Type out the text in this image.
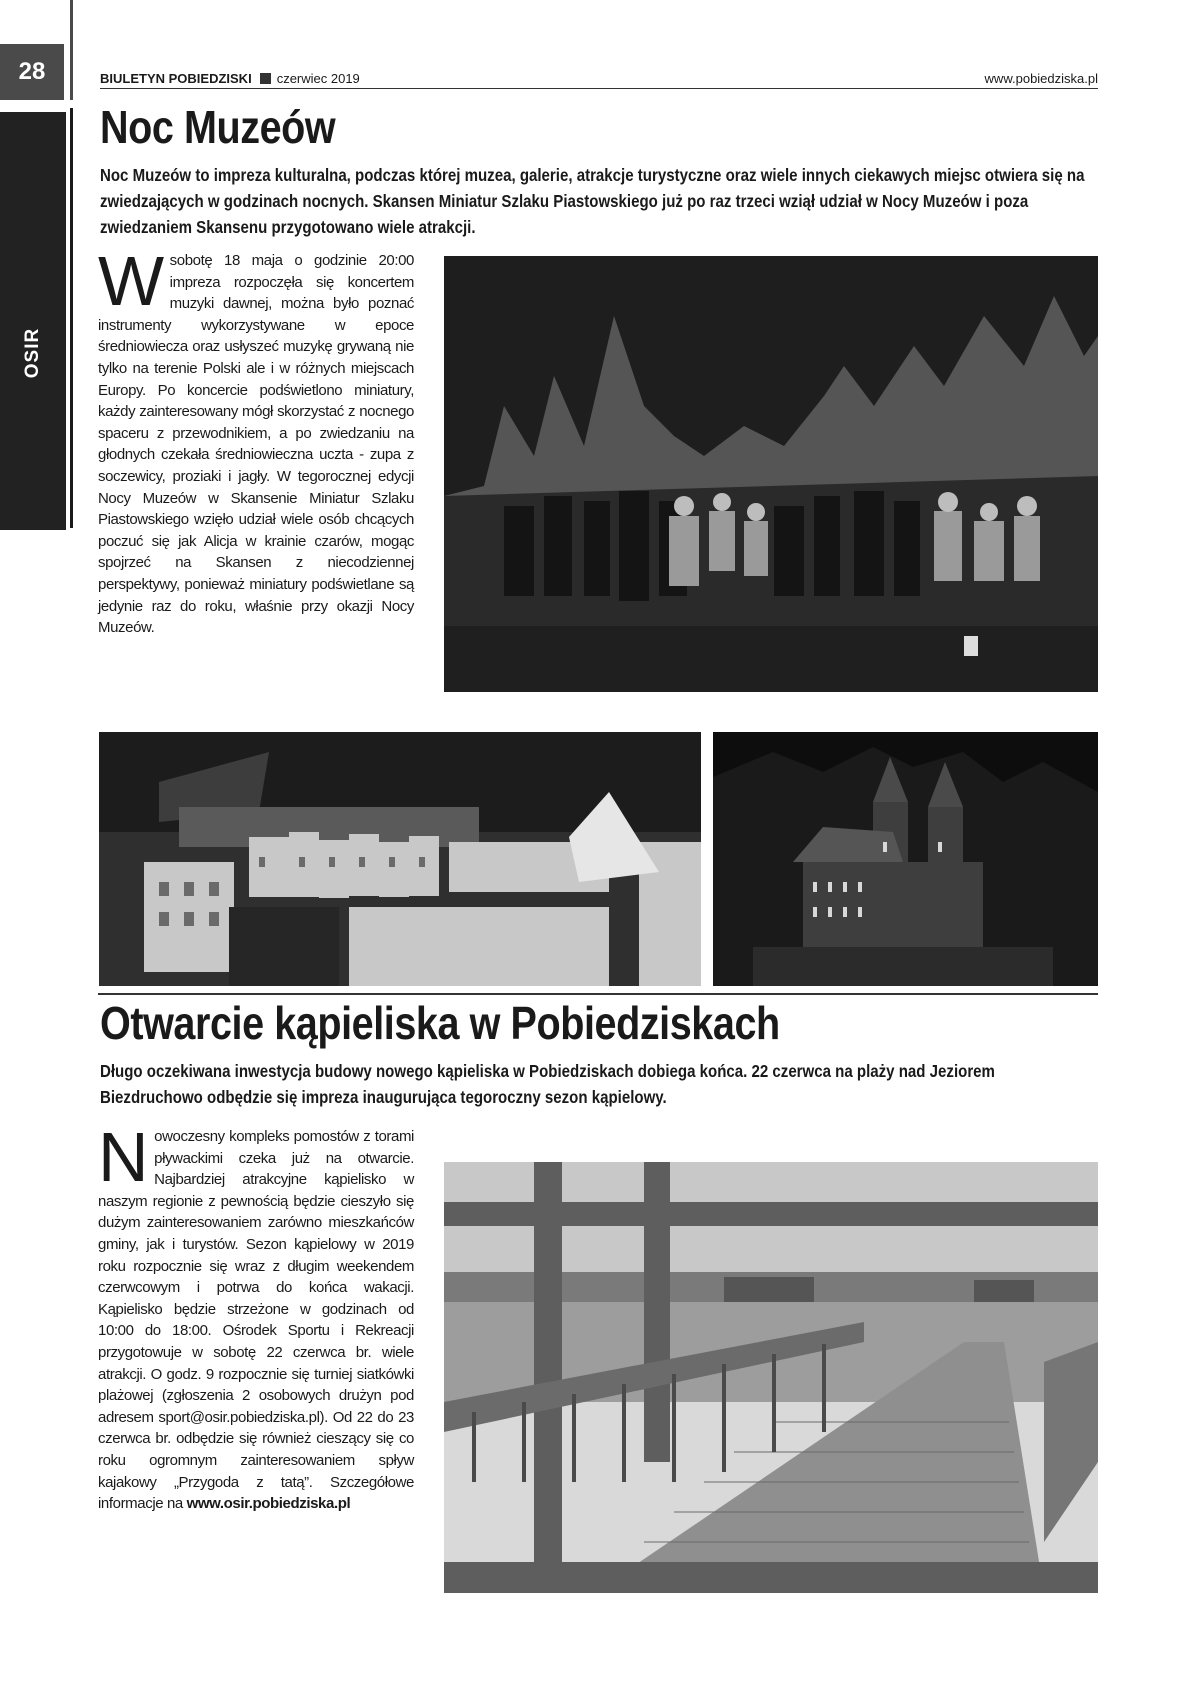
28
OSIR
BIULETYN POBIEDZISKI czerwiec 2019	www.pobiedziska.pl
Noc Muzeów

Noc Muzeów to impreza kulturalna, podczas której muzea, galerie, atrakcje turystyczne oraz wiele innych ciekawych miejsc otwiera się na zwiedzających w godzinach nocnych. Skansen Miniatur Szlaku Piastowskiego już po raz trzeci wziął udział w Nocy Muzeów i poza zwiedzaniem Skansenu przygotowano wiele atrakcji.

W sobotę 18 maja o godzinie 20:00 impreza rozpoczęła się koncertem muzyki dawnej, można było poznać instrumenty wykorzystywane w epoce średniowiecza oraz usłyszeć muzykę grywaną nie tylko na terenie Polski ale i w różnych miejscach Europy. Po koncercie podświetlono miniatury, każdy zainteresowany mógł skorzystać z nocnego spaceru z przewodnikiem, a po zwiedzaniu na głodnych czekała średniowieczna uczta - zupa z soczewicy, proziaki i jagły. W tegorocznej edycji Nocy Muzeów w Skansenie Miniatur Szlaku Piastowskiego wzięło udział wiele osób chcących poczuć się jak Alicja w krainie czarów, mogąc spojrzeć na Skansen z niecodziennej perspektywy, ponieważ miniatury podświetlane są jedynie raz do roku, właśnie przy okazji Nocy Muzeów.

Otwarcie kąpieliska w Pobiedziskach

Długo oczekiwana inwestycja budowy nowego kąpieliska w Pobiedziskach dobiega końca. 22 czerwca na plaży nad Jeziorem Biezdruchowo odbędzie się impreza inaugurująca tegoroczny sezon kąpielowy.

Nowoczesny kompleks pomostów z torami pływackimi czeka już na otwarcie. Najbardziej atrakcyjne kąpielisko w naszym regionie z pewnością będzie cieszyło się dużym zainteresowaniem zarówno mieszkańców gminy, jak i turystów. Sezon kąpielowy w 2019 roku rozpocznie się wraz z długim weekendem czerwcowym i potrwa do końca wakacji. Kąpielisko będzie strzeżone w godzinach od 10:00 do 18:00. Ośrodek Sportu i Rekreacji przygotowuje w sobotę 22 czerwca br. wiele atrakcji. O godz. 9 rozpocznie się turniej siatkówki plażowej (zgłoszenia 2 osobowych drużyn pod adresem sport@osir.pobiedziska.pl). Od 22 do 23 czerwca br. odbędzie się również cieszący się co roku ogromnym zainteresowaniem spływ kajakowy „Przygoda z tatą”. Szczegółowe informacje na www.osir.pobiedziska.pl
